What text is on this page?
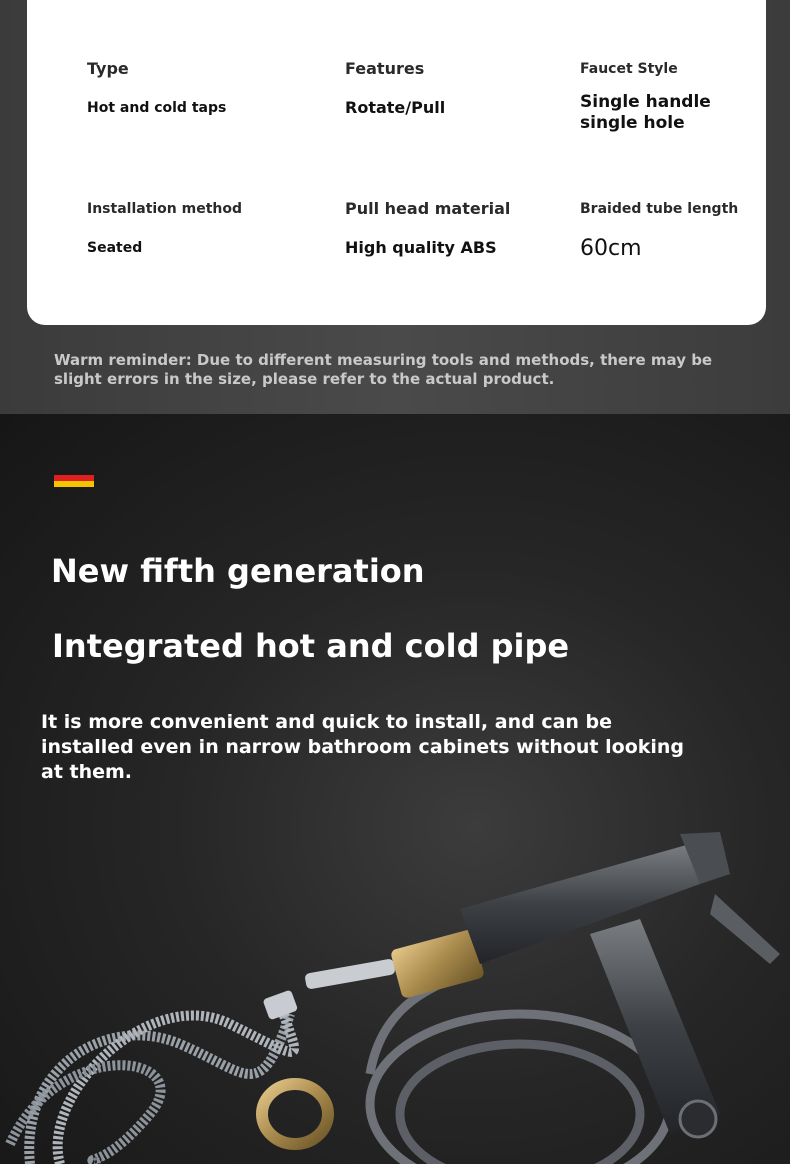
Type
Hot and cold taps
Features
Rotate/Pull
Faucet Style
Single handle
single hole
Installation method
Seated
Pull head material
High quality ABS
Braided tube length
60cm
Warm reminder: Due to different measuring tools and methods, there may be slight errors in the size, please refer to the actual product.
New fifth generation
Integrated hot and cold pipe
It is more convenient and quick to install, and can be installed even in narrow bathroom cabinets without looking at them.
